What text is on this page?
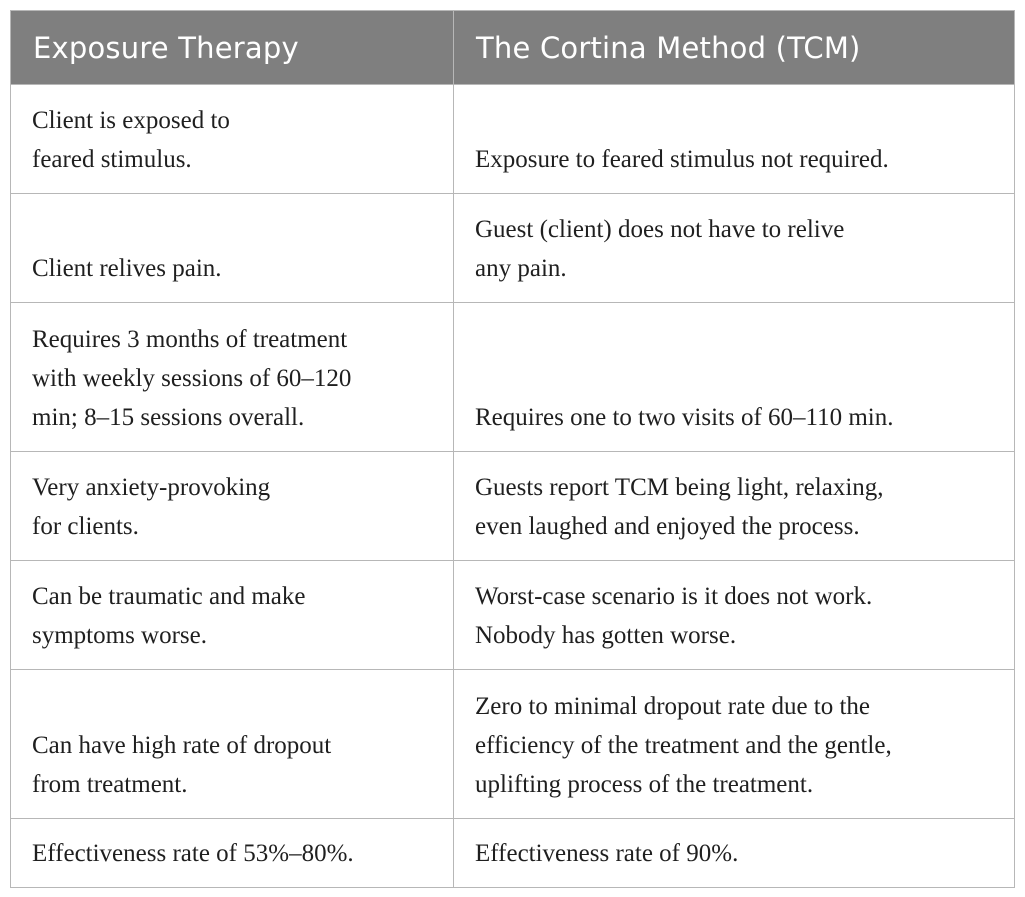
Exposure Therapy	The Cortina Method (TCM)

Client is exposed to
feared stimulus.	Exposure to feared stimulus not required.

Client relives pain.	Guest (client) does not have to relive
any pain.

Requires 3 months of treatment
with weekly sessions of 60–120
min; 8–15 sessions overall.	Requires one to two visits of 60–110 min.

Very anxiety-provoking
for clients.	Guests report TCM being light, relaxing,
even laughed and enjoyed the process.

Can be traumatic and make
symptoms worse.	Worst-case scenario is it does not work.
Nobody has gotten worse.

Can have high rate of dropout
from treatment.	Zero to minimal dropout rate due to the
efficiency of the treatment and the gentle,
uplifting process of the treatment.

Effectiveness rate of 53%–80%.	Effectiveness rate of 90%.
